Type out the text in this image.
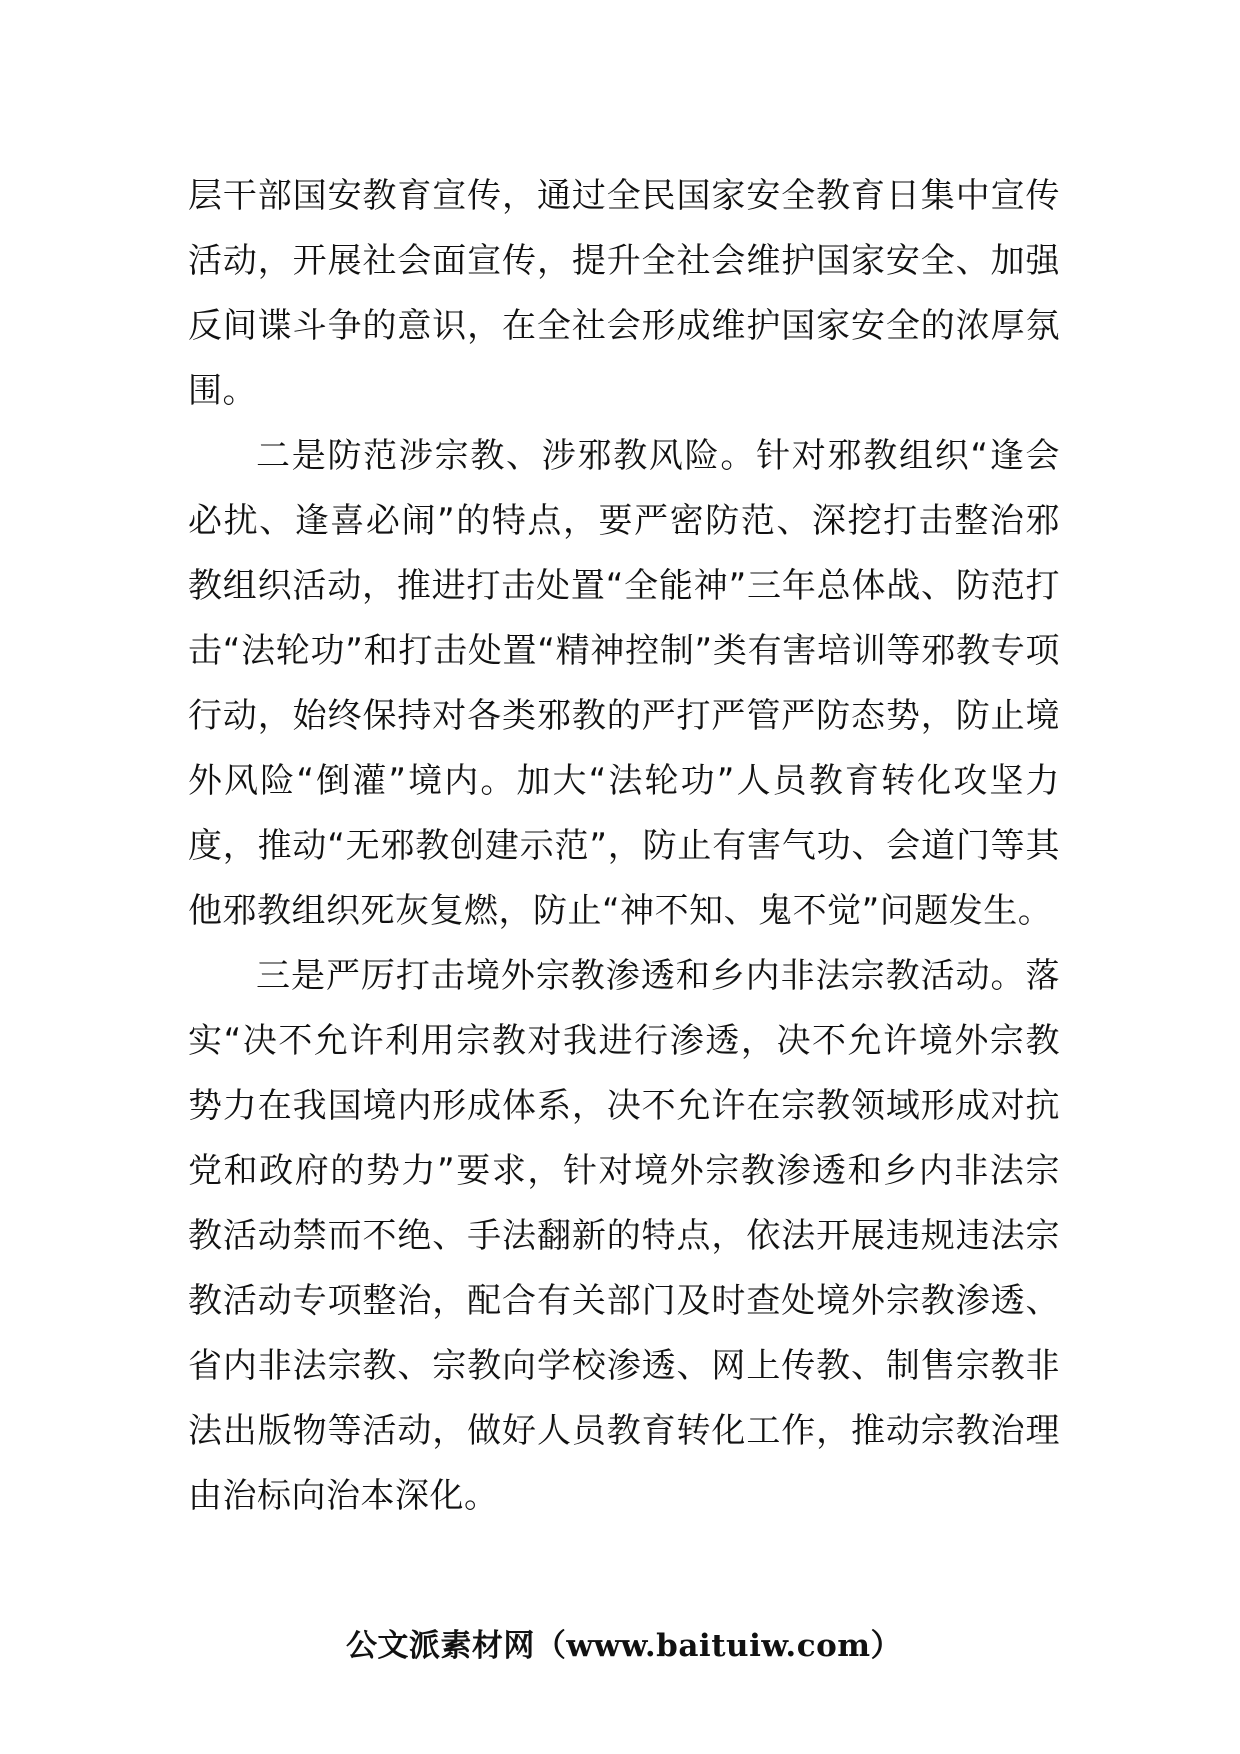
层干部国安教育宣传，通过全民国家安全教育日集中宣传活动，开展社会面宣传，提升全社会维护国家安全、加强反间谍斗争的意识，在全社会形成维护国家安全的浓厚氛围。

二是防范涉宗教、涉邪教风险。针对邪教组织“逢会必扰、逢喜必闹”的特点，要严密防范、深挖打击整治邪教组织活动，推进打击处置“全能神”三年总体战、防范打击“法轮功”和打击处置“精神控制”类有害培训等邪教专项行动，始终保持对各类邪教的严打严管严防态势，防止境外风险“倒灌”境内。加大“法轮功”人员教育转化攻坚力度，推动“无邪教创建示范”，防止有害气功、会道门等其他邪教组织死灰复燃，防止“神不知、鬼不觉”问题发生。

三是严厉打击境外宗教渗透和乡内非法宗教活动。落实“决不允许利用宗教对我进行渗透，决不允许境外宗教势力在我国境内形成体系，决不允许在宗教领域形成对抗党和政府的势力”要求，针对境外宗教渗透和乡内非法宗教活动禁而不绝、手法翻新的特点，依法开展违规违法宗教活动专项整治，配合有关部门及时查处境外宗教渗透、省内非法宗教、宗教向学校渗透、网上传教、制售宗教非法出版物等活动，做好人员教育转化工作，推动宗教治理由治标向治本深化。

公文派素材网（www.baituiw.com）
